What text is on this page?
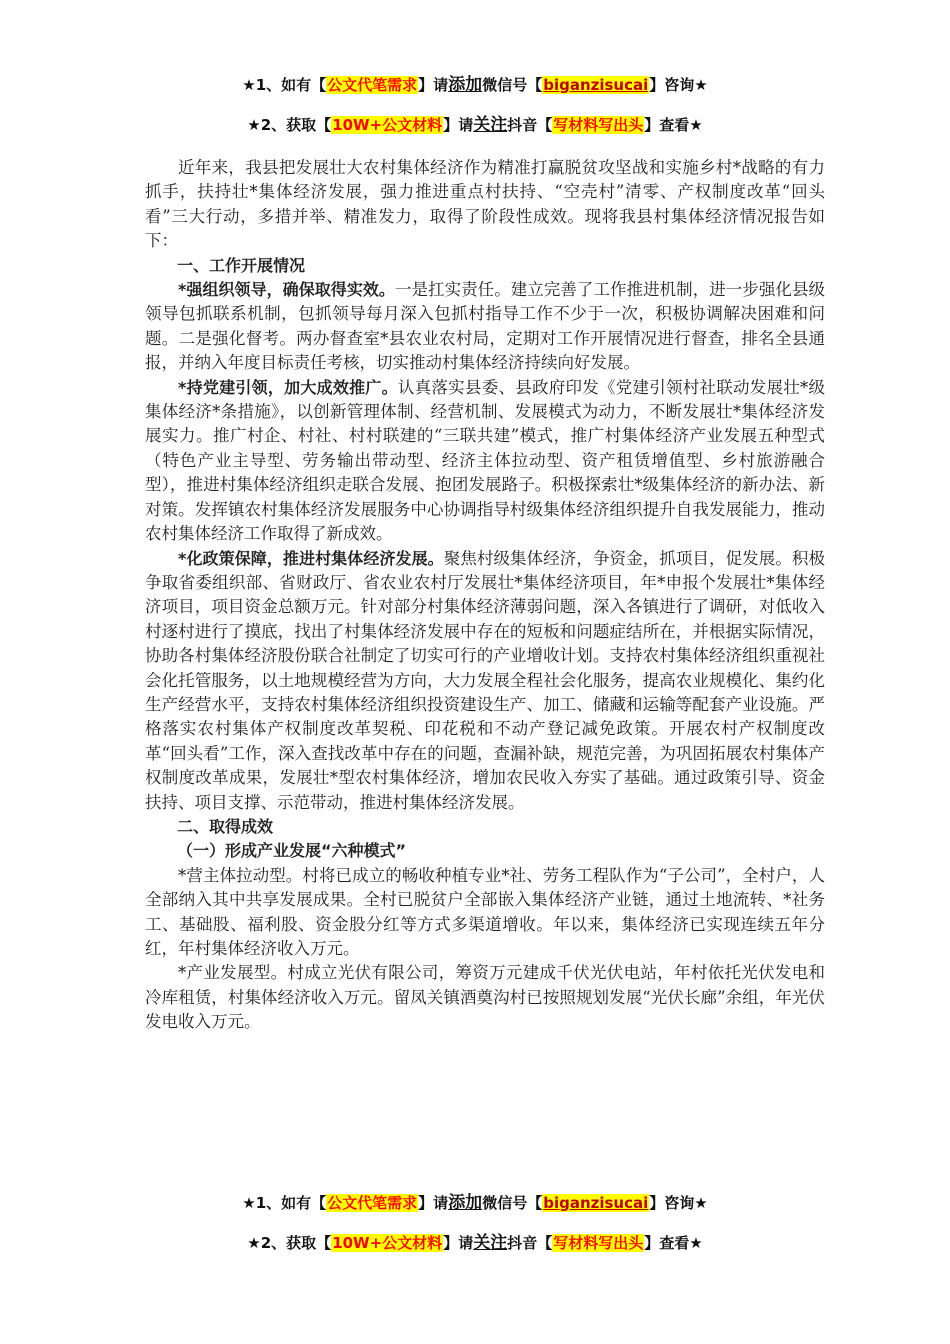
★1、如有【公文代笔需求】请添加微信号【biganzisucai】咨询★
★2、获取【10W+公文材料】请关注抖音【写材料写出头】查看★

近年来，我县把发展壮大农村集体经济作为精准打赢脱贫攻坚战和实施乡村*战略的有力抓手，扶持壮*集体经济发展，强力推进重点村扶持、“空壳村”清零、产权制度改革“回头看”三大行动，多措并举、精准发力，取得了阶段性成效。现将我县村集体经济情况报告如下：

一、工作开展情况

*强组织领导，确保取得实效。一是扛实责任。建立完善了工作推进机制，进一步强化县级领导包抓联系机制，包抓领导每月深入包抓村指导工作不少于一次，积极协调解决困难和问题。二是强化督考。两办督查室*县农业农村局，定期对工作开展情况进行督查，排名全县通报，并纳入年度目标责任考核，切实推动村集体经济持续向好发展。

*持党建引领，加大成效推广。认真落实县委、县政府印发《党建引领村社联动发展壮*级集体经济*条措施》，以创新管理体制、经营机制、发展模式为动力，不断发展壮*集体经济发展实力。推广村企、村社、村村联建的“三联共建”模式，推广村集体经济产业发展五种型式（特色产业主导型、劳务输出带动型、经济主体拉动型、资产租赁增值型、乡村旅游融合型），推进村集体经济组织走联合发展、抱团发展路子。积极探索壮*级集体经济的新办法、新对策。发挥镇农村集体经济发展服务中心协调指导村级集体经济组织提升自我发展能力，推动农村集体经济工作取得了新成效。

*化政策保障，推进村集体经济发展。聚焦村级集体经济，争资金，抓项目，促发展。积极争取省委组织部、省财政厅、省农业农村厅发展壮*集体经济项目，年*申报个发展壮*集体经济项目，项目资金总额万元。针对部分村集体经济薄弱问题，深入各镇进行了调研，对低收入村逐村进行了摸底，找出了村集体经济发展中存在的短板和问题症结所在，并根据实际情况，协助各村集体经济股份联合社制定了切实可行的产业增收计划。支持农村集体经济组织重视社会化托管服务，以土地规模经营为方向，大力发展全程社会化服务，提高农业规模化、集约化生产经营水平，支持农村集体经济组织投资建设生产、加工、储藏和运输等配套产业设施。严格落实农村集体产权制度改革契税、印花税和不动产登记减免政策。开展农村产权制度改革“回头看”工作，深入查找改革中存在的问题，查漏补缺，规范完善，为巩固拓展农村集体产权制度改革成果，发展壮*型农村集体经济，增加农民收入夯实了基础。通过政策引导、资金扶持、项目支撑、示范带动，推进村集体经济发展。

二、取得成效

（一）形成产业发展“六种模式”

*营主体拉动型。村将已成立的畅收种植专业*社、劳务工程队作为“子公司”，全村户，人全部纳入其中共享发展成果。全村已脱贫户全部嵌入集体经济产业链，通过土地流转、*社务工、基础股、福利股、资金股分红等方式多渠道增收。年以来，集体经济已实现连续五年分红，年村集体经济收入万元。

*产业发展型。村成立光伏有限公司，筹资万元建成千伏光伏电站，年村依托光伏发电和冷库租赁，村集体经济收入万元。留凤关镇酒奠沟村已按照规划发展“光伏长廊”余组，年光伏发电收入万元。

★1、如有【公文代笔需求】请添加微信号【biganzisucai】咨询★
★2、获取【10W+公文材料】请关注抖音【写材料写出头】查看★
